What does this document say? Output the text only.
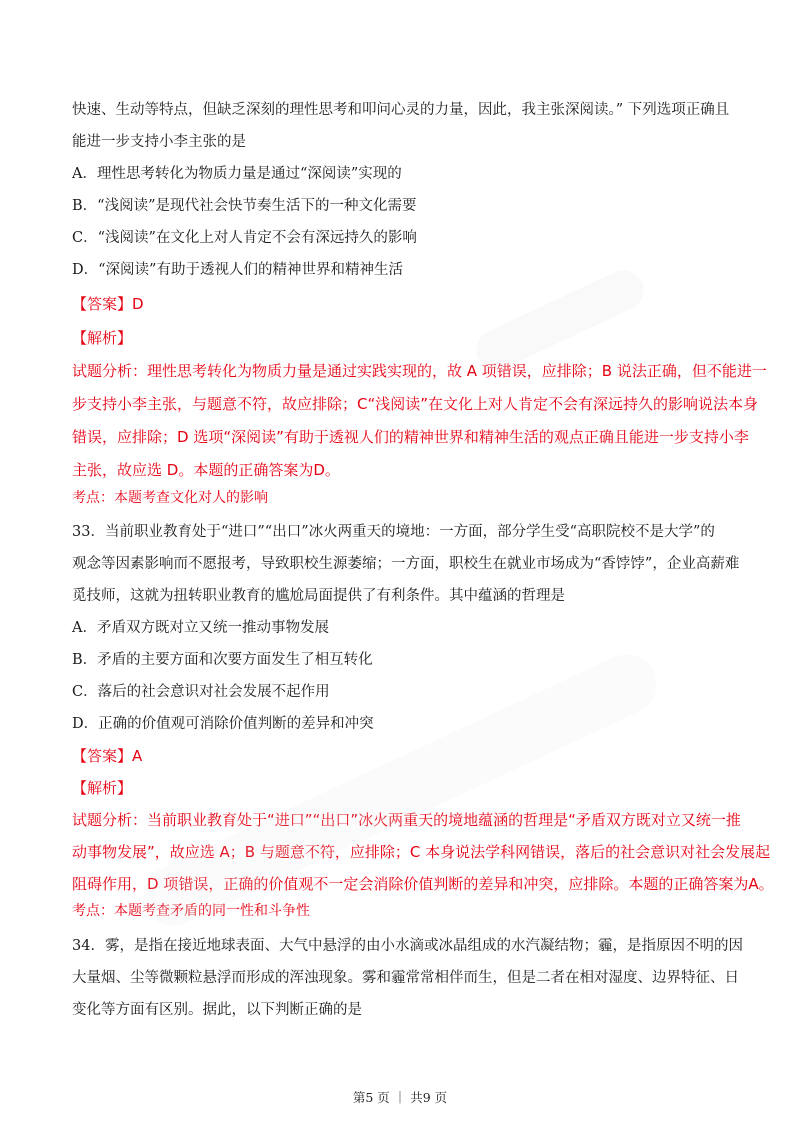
快速、生动等特点，但缺乏深刻的理性思考和叩问心灵的力量，因此，我主张深阅读。” 下列选项正确且
能进一步支持小李主张的是
A．理性思考转化为物质力量是通过“深阅读”实现的
B．“浅阅读”是现代社会快节奏生活下的一种文化需要
C．“浅阅读”在文化上对人肯定不会有深远持久的影响
D．“深阅读”有助于透视人们的精神世界和精神生活
【答案】D
【解析】
试题分析：理性思考转化为物质力量是通过实践实现的，故 A 项错误，应排除；B 说法正确，但不能进一
步支持小李主张，与题意不符，故应排除；C“浅阅读”在文化上对人肯定不会有深远持久的影响说法本身
错误，应排除；D 选项“深阅读”有助于透视人们的精神世界和精神生活的观点正确且能进一步支持小李
主张，故应选 D。本题的正确答案为D。
考点：本题考查文化对人的影响
33．当前职业教育处于“进口”“出口”冰火两重天的境地：一方面，部分学生受“高职院校不是大学”的
观念等因素影响而不愿报考，导致职校生源萎缩；一方面，职校生在就业市场成为“香饽饽”，企业高薪难
觅技师，这就为扭转职业教育的尴尬局面提供了有利条件。其中蕴涵的哲理是
A．矛盾双方既对立又统一推动事物发展
B．矛盾的主要方面和次要方面发生了相互转化
C．落后的社会意识对社会发展不起作用
D．正确的价值观可消除价值判断的差异和冲突
【答案】A
【解析】
试题分析：当前职业教育处于“进口”“出口”冰火两重天的境地蕴涵的哲理是“矛盾双方既对立又统一推
动事物发展”，故应选 A；B 与题意不符，应排除；C 本身说法学科网错误，落后的社会意识对社会发展起
阻碍作用，D 项错误，正确的价值观不一定会消除价值判断的差异和冲突，应排除。本题的正确答案为A。
考点：本题考查矛盾的同一性和斗争性
34．雾，是指在接近地球表面、大气中悬浮的由小水滴或冰晶组成的水汽凝结物；霾，是指原因不明的因
大量烟、尘等微颗粒悬浮而形成的浑浊现象。雾和霾常常相伴而生，但是二者在相对湿度、边界特征、日
变化等方面有区别。据此，以下判断正确的是
第5 页 ｜ 共9 页
